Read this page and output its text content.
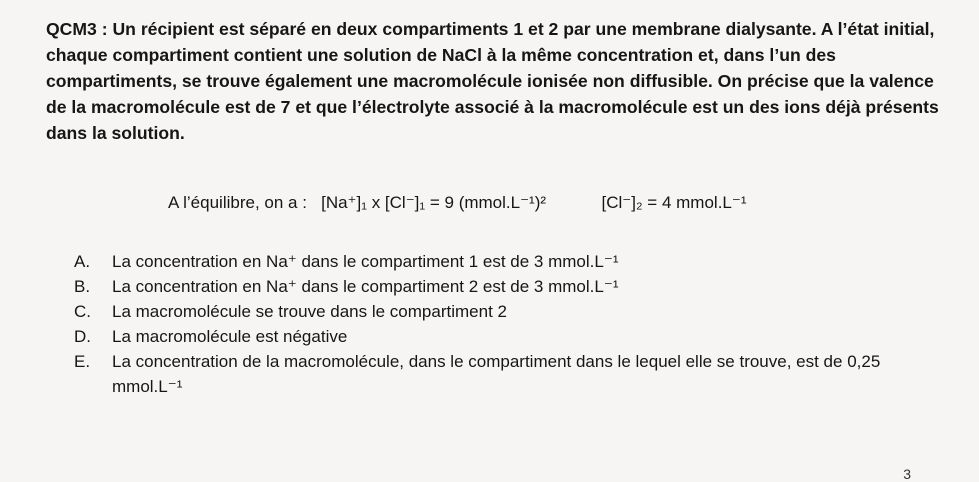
QCM3 : Un récipient est séparé en deux compartiments 1 et 2 par une membrane dialysante. A l’état initial, chaque compartiment contient une solution de NaCl à la même concentration et, dans l’un des compartiments, se trouve également une macromolécule ionisée non diffusible. On précise que la valence de la macromolécule est de 7 et que l’électrolyte associé à la macromolécule est un des ions déjà présents dans la solution.

A l’équilibre, on a : [Na⁺]₁ x [Cl⁻]₁ = 9 (mmol.L⁻¹)²	[Cl⁻]₂ = 4 mmol.L⁻¹
A.	La concentration en Na⁺ dans le compartiment 1 est de 3 mmol.L⁻¹
B.	La concentration en Na⁺ dans le compartiment 2 est de 3 mmol.L⁻¹
C.	La macromolécule se trouve dans le compartiment 2
D.	La macromolécule est négative
E.	La concentration de la macromolécule, dans le compartiment dans le lequel elle se trouve, est de 0,25 mmol.L⁻¹
3
